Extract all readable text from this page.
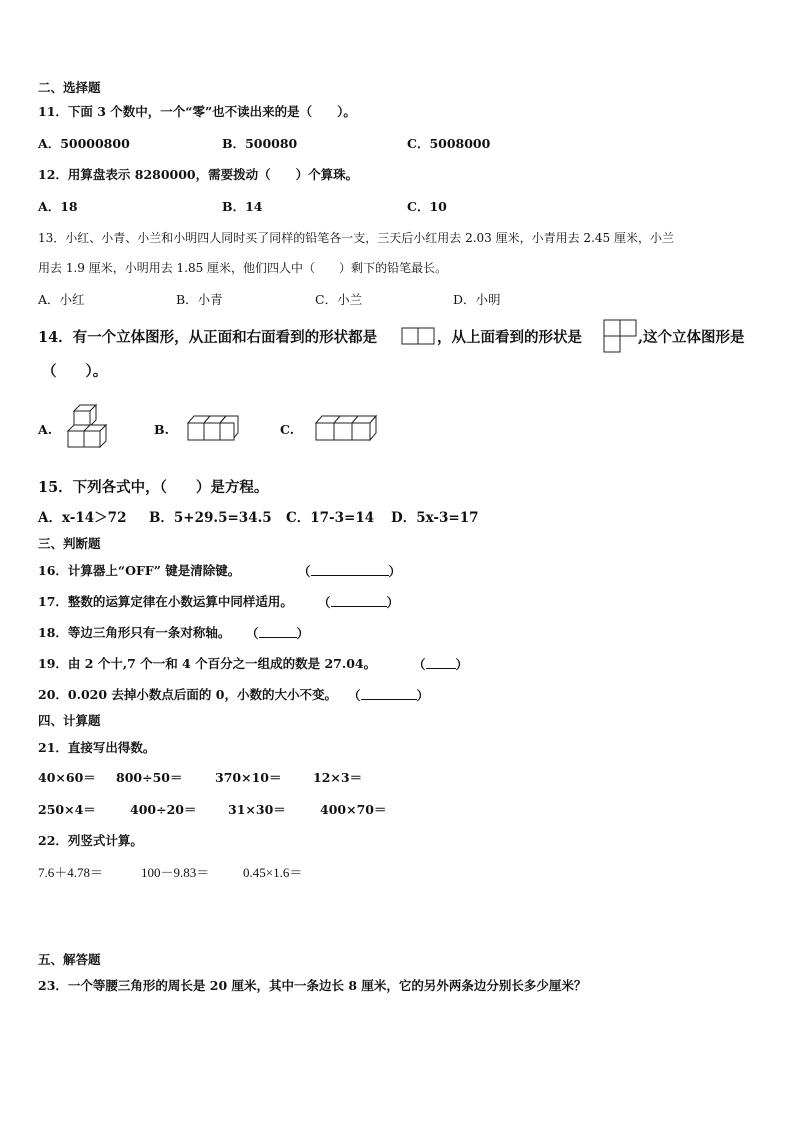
二、选择题
11．下面 3 个数中，一个“零”也不读出来的是（　　）。
A．50000800	B．500080	C．5008000
12．用算盘表示 8280000，需要拨动（　　）个算珠。
A．18	B．14	C．10
13．小红、小青、小兰和小明四人同时买了同样的铅笔各一支，三天后小红用去 2.03 厘米，小青用去 2.45 厘米，小兰
用去 1.9 厘米，小明用去 1.85 厘米，他们四人中（　　）剩下的铅笔最长。
A．小红	B．小青	C．小兰	D．小明
14．有一个立体图形，从正面和右面看到的形状都是	，从上面看到的形状是	,这个立体图形是
（　　）。
A.	B.	C.
15．下列各式中，（　　）是方程。
A．x-14＞72 B．5+29.5=34.5 C．17-3=14 D．5x-3=17
三、判断题
16．计算器上“OFF” 键是清除键。	（	）
17．整数的运算定律在小数运算中同样适用。 （	）
18．等边三角形只有一条对称轴。 （	）
19．由 2 个十,7 个一和 4 个百分之一组成的数是 27.04。	（ ）
20．0.020 去掉小数点后面的 0，小数的大小不变。 （	）
四、计算题
21．直接写出得数。
40×60＝ 800÷50＝	370×10＝	12×3＝
250×4＝	400÷20＝	31×30＝	400×70＝
22．列竖式计算。
7.6＋4.78＝	100－9.83＝	0.45×1.6＝
五、解答题
23．一个等腰三角形的周长是 20 厘米，其中一条边长 8 厘米，它的另外两条边分别长多少厘米？
